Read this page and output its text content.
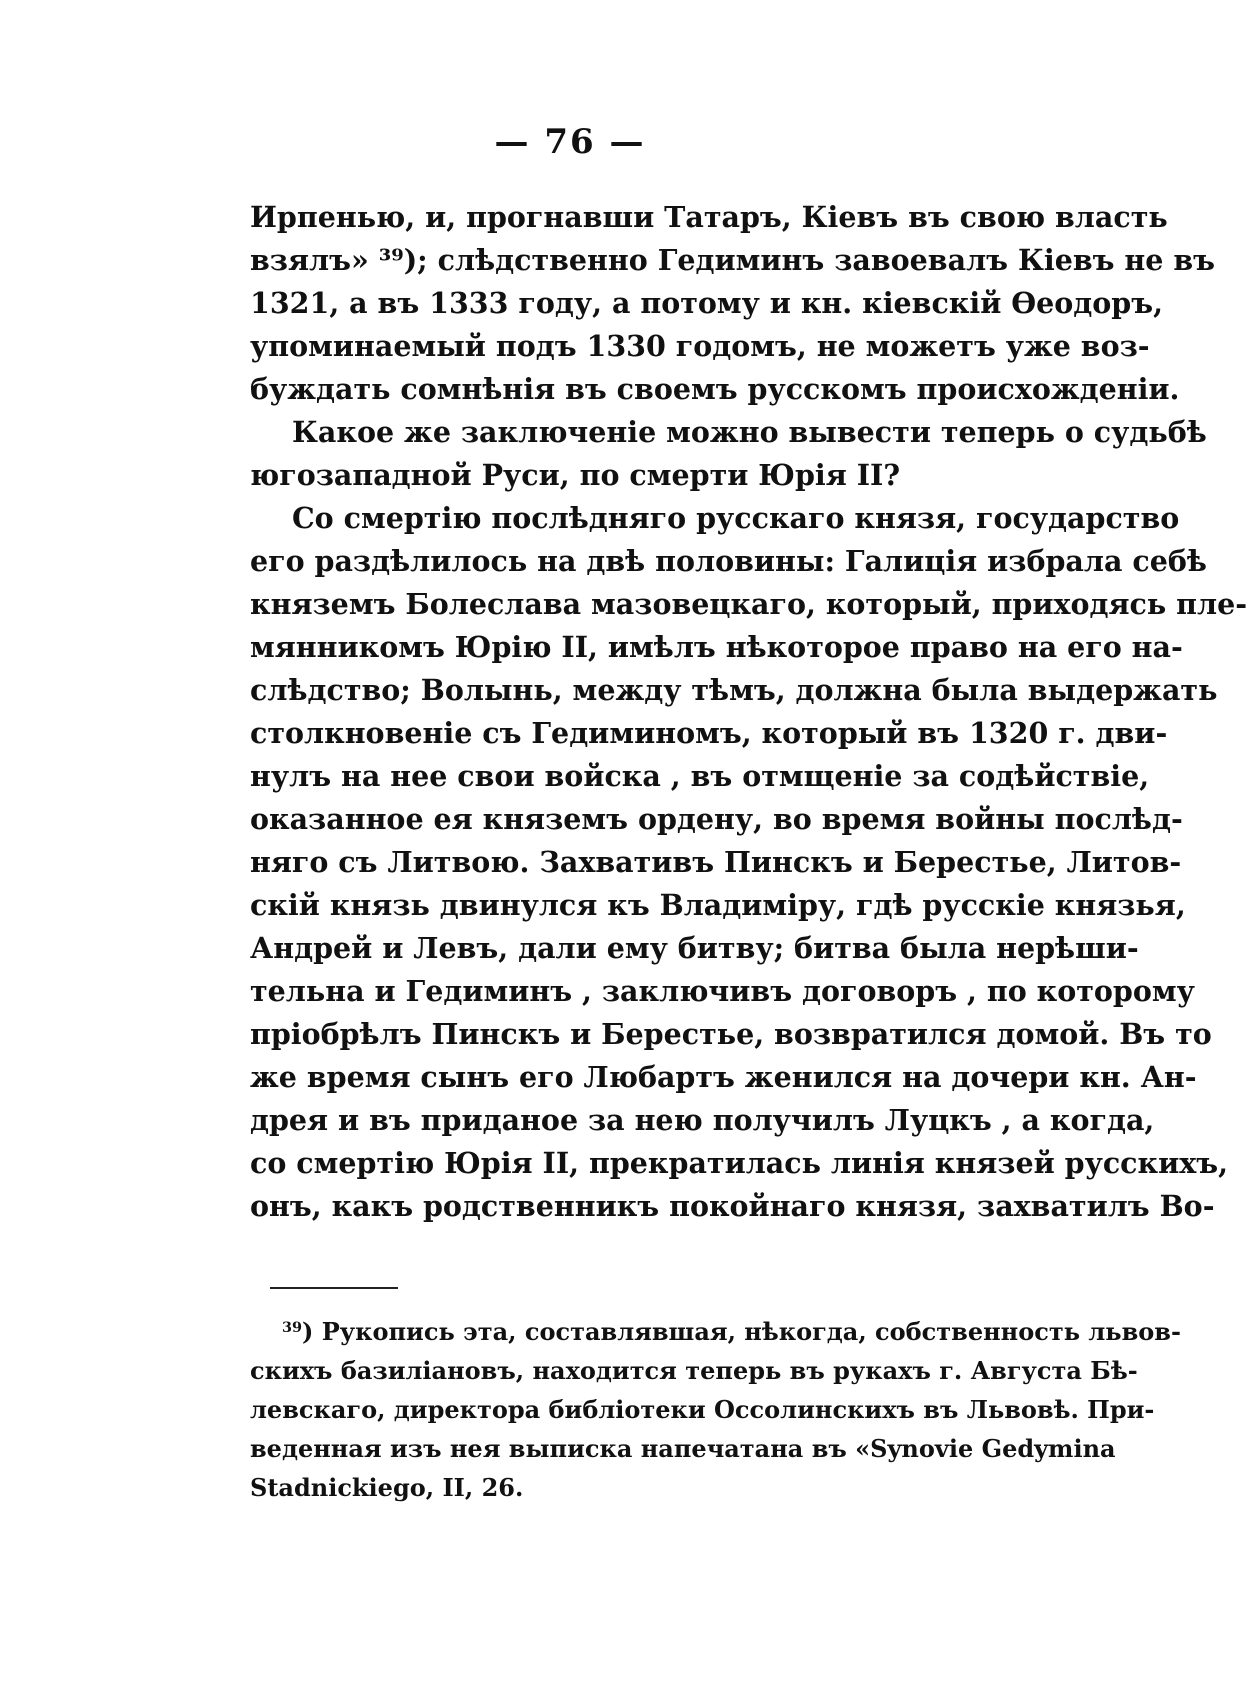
— 76 —
Ирпенью, и, прогнавши Татаръ, Кіевъ въ свою власть
взялъ» ³⁹); слѣдственно Гедиминъ завоевалъ Кіевъ не въ
1321, а въ 1333 году, а потому и кн. кіевскій Ѳеодоръ,
упоминаемый подъ 1330 годомъ, не можетъ уже воз-
буждать сомнѣнія въ своемъ русскомъ происхожденіи.
Какое же заключеніе можно вывести теперь о судьбѣ
югозападной Руси, по смерти Юрія II?
Со смертію послѣдняго русскаго князя, государство
его раздѣлилось на двѣ половины: Галиція избрала себѣ
княземъ Болеслава мазовецкаго, который, приходясь пле-
мянникомъ Юрію II, имѣлъ нѣкоторое право на его на-
слѣдство; Волынь, между тѣмъ, должна была выдержать
столкновеніе съ Гедиминомъ, который въ 1320 г. дви-
нулъ на нее свои войска , въ отмщеніе за содѣйствіе,
оказанное ея княземъ ордену, во время войны послѣд-
няго съ Литвою. Захвативъ Пинскъ и Берестье, Литов-
скій князь двинулся къ Владиміру, гдѣ русскіе князья,
Андрей и Левъ, дали ему битву; битва была нерѣши-
тельна и Гедиминъ , заключивъ договоръ , по которому
пріобрѣлъ Пинскъ и Берестье, возвратился домой. Въ то
же время сынъ его Любартъ женился на дочери кн. Ан-
дрея и въ приданое за нею получилъ Луцкъ , а когда,
со смертію Юрія II, прекратилась линія князей русскихъ,
онъ, какъ родственникъ покойнаго князя, захватилъ Во-
$^{39}$) Рукопись эта, составлявшая, нѣкогда, собственность львов-
скихъ базиліановъ, находится теперь въ рукахъ г. Августа Бѣ-
левскаго, директора библіотеки Оссолинскихъ въ Львовѣ. При-
веденная изъ нея выписка напечатана въ «Synovie Gedymina
Stadnickiego, II, 26.
